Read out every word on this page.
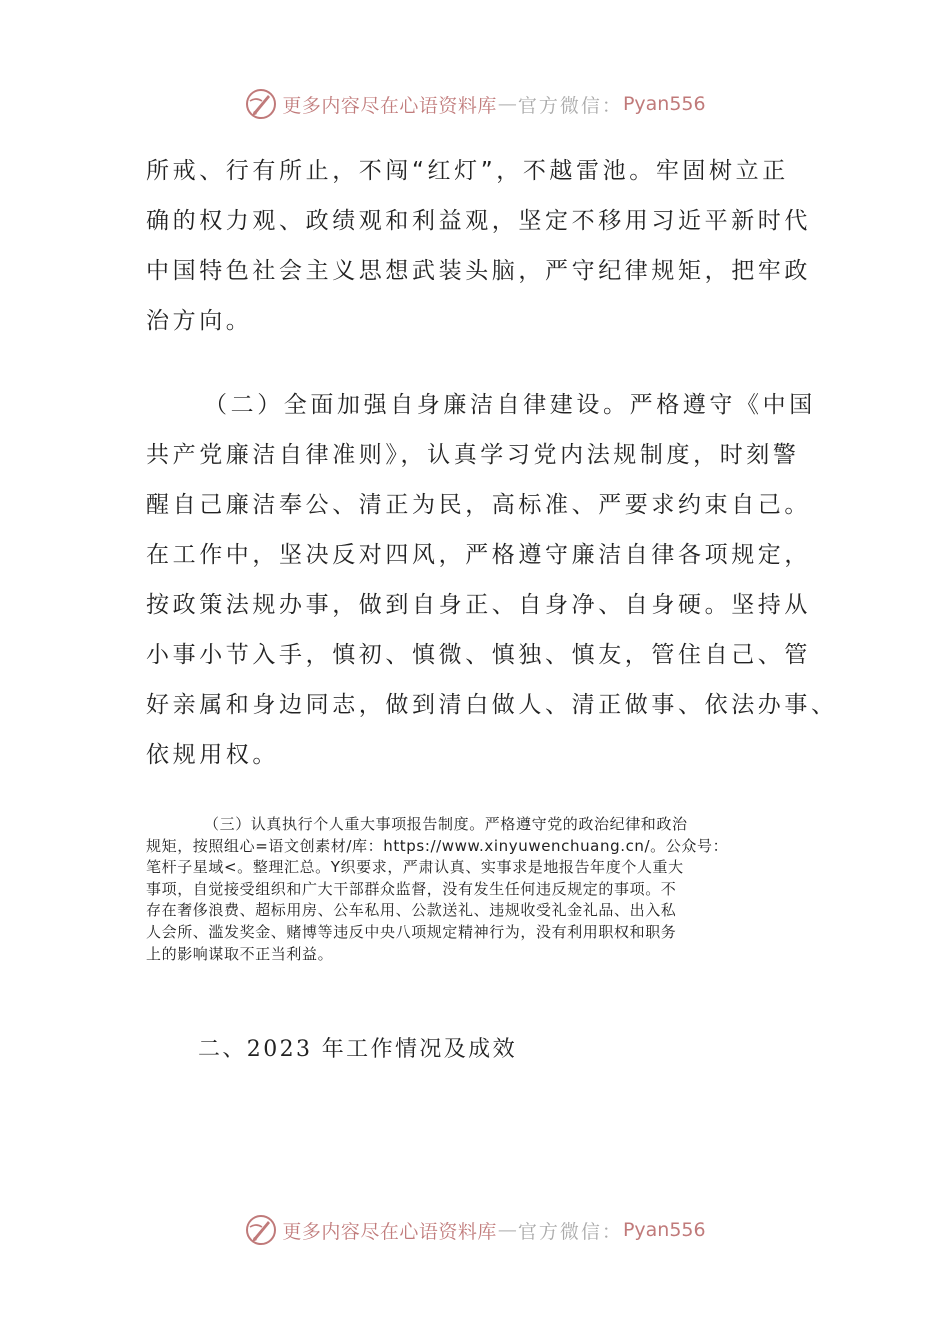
更多内容尽在心语资料库 — 官方微信： Pyan556
所戒、行有所止，不闯“红灯”，不越雷池。牢固树立正
确的权力观、政绩观和利益观，坚定不移用习近平新时代
中国特色社会主义思想武装头脑，严守纪律规矩，把牢政
治方向。
（二）全面加强自身廉洁自律建设。严格遵守《中国
共产党廉洁自律准则》，认真学习党内法规制度，时刻警
醒自己廉洁奉公、清正为民，高标准、严要求约束自己。
在工作中，坚决反对四风，严格遵守廉洁自律各项规定，
按政策法规办事，做到自身正、自身净、自身硬。坚持从
小事小节入手，慎初、慎微、慎独、慎友，管住自己、管
好亲属和身边同志，做到清白做人、清正做事、依法办事、
依规用权。
（三）认真执行个人重大事项报告制度。严格遵守党的政治纪律和政治
规矩，按照组心=语文创素材/库：https://www.xinyuwenchuang.cn/。公众号：
笔杆子星域<。整理汇总。Y织要求，严肃认真、实事求是地报告年度个人重大
事项，自觉接受组织和广大干部群众监督，没有发生任何违反规定的事项。不
存在奢侈浪费、超标用房、公车私用、公款送礼、违规收受礼金礼品、出入私
人会所、滥发奖金、赌博等违反中央八项规定精神行为，没有利用职权和职务
上的影响谋取不正当利益。
二、2023 年工作情况及成效
更多内容尽在心语资料库 — 官方微信： Pyan556
